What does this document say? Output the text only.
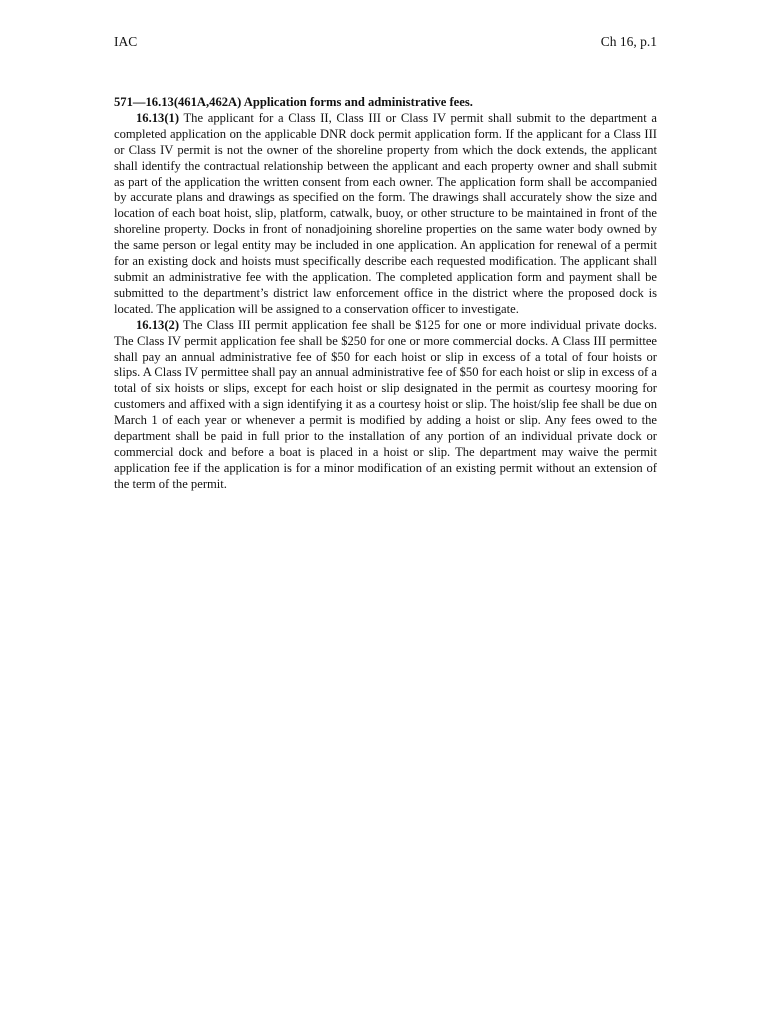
IAC	Ch 16, p.1

571—16.13(461A,462A) Application forms and administrative fees.

16.13(1) The applicant for a Class II, Class III or Class IV permit shall submit to the department a completed application on the applicable DNR dock permit application form. If the applicant for a Class III or Class IV permit is not the owner of the shoreline property from which the dock extends, the applicant shall identify the contractual relationship between the applicant and each property owner and shall submit as part of the application the written consent from each owner. The application form shall be accompanied by accurate plans and drawings as specified on the form. The drawings shall accurately show the size and location of each boat hoist, slip, platform, catwalk, buoy, or other structure to be maintained in front of the shoreline property. Docks in front of nonadjoining shoreline properties on the same water body owned by the same person or legal entity may be included in one application. An application for renewal of a permit for an existing dock and hoists must specifically describe each requested modification. The applicant shall submit an administrative fee with the application. The completed application form and payment shall be submitted to the department’s district law enforcement office in the district where the proposed dock is located. The application will be assigned to a conservation officer to investigate.

16.13(2) The Class III permit application fee shall be $125 for one or more individual private docks. The Class IV permit application fee shall be $250 for one or more commercial docks. A Class III permittee shall pay an annual administrative fee of $50 for each hoist or slip in excess of a total of four hoists or slips. A Class IV permittee shall pay an annual administrative fee of $50 for each hoist or slip in excess of a total of six hoists or slips, except for each hoist or slip designated in the permit as courtesy mooring for customers and affixed with a sign identifying it as a courtesy hoist or slip. The hoist/slip fee shall be due on March 1 of each year or whenever a permit is modified by adding a hoist or slip. Any fees owed to the department shall be paid in full prior to the installation of any portion of an individual private dock or commercial dock and before a boat is placed in a hoist or slip. The department may waive the permit application fee if the application is for a minor modification of an existing permit without an extension of the term of the permit.
